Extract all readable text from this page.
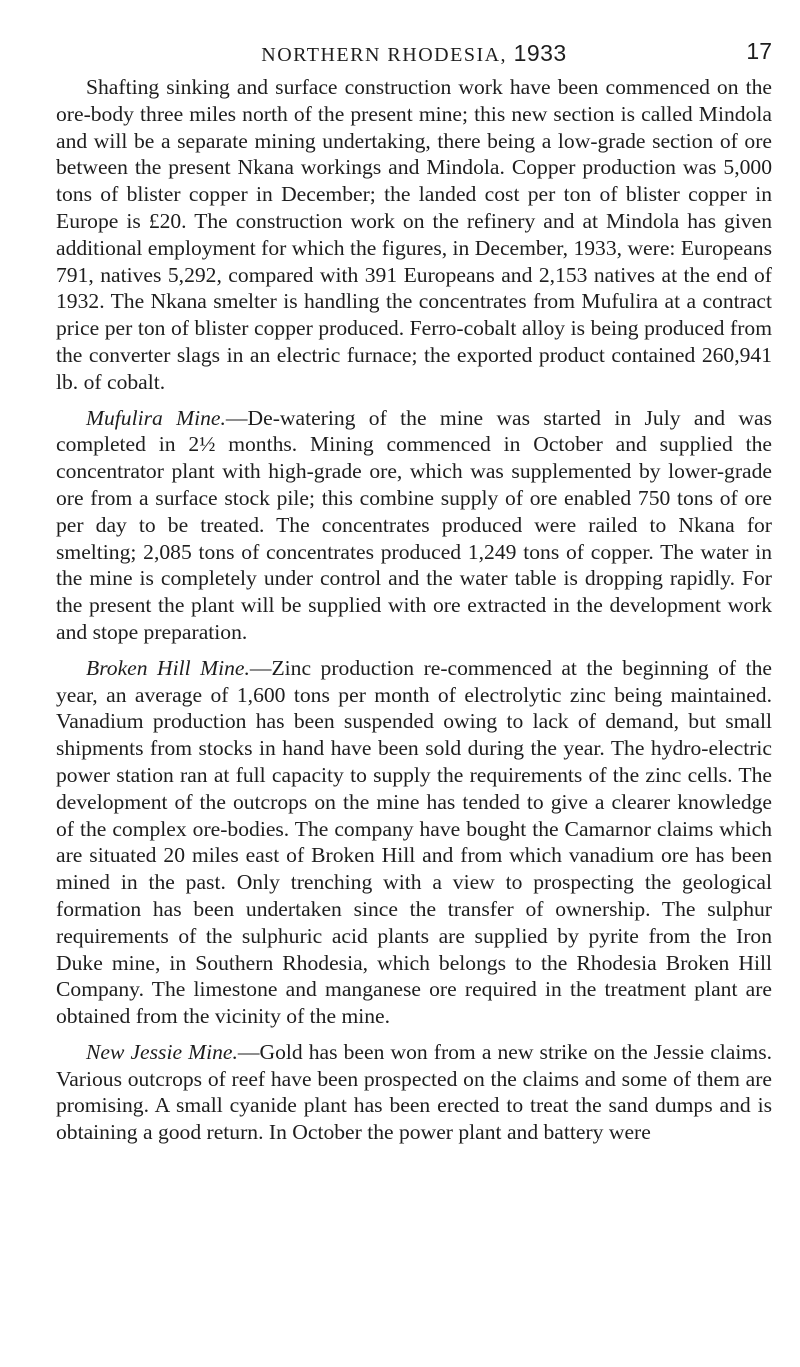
NORTHERN RHODESIA, 1933	17

Shafting sinking and surface construction work have been commenced on the ore-body three miles north of the present mine; this new section is called Mindola and will be a separate mining undertaking, there being a low-grade section of ore between the present Nkana workings and Mindola. Copper production was 5,000 tons of blister copper in December; the landed cost per ton of blister copper in Europe is £20. The construction work on the refinery and at Mindola has given additional employment for which the figures, in December, 1933, were: Europeans 791, natives 5,292, compared with 391 Europeans and 2,153 natives at the end of 1932. The Nkana smelter is handling the concentrates from Mufulira at a contract price per ton of blister copper produced. Ferro-cobalt alloy is being produced from the converter slags in an electric furnace; the exported product contained 260,941 lb. of cobalt.

Mufulira Mine.—De-watering of the mine was started in July and was completed in 2½ months. Mining commenced in October and supplied the concentrator plant with high-grade ore, which was supplemented by lower-grade ore from a surface stock pile; this combine supply of ore enabled 750 tons of ore per day to be treated. The concentrates produced were railed to Nkana for smelting; 2,085 tons of concentrates produced 1,249 tons of copper. The water in the mine is completely under control and the water table is dropping rapidly. For the present the plant will be supplied with ore extracted in the development work and stope preparation.

Broken Hill Mine.—Zinc production re-commenced at the beginning of the year, an average of 1,600 tons per month of electrolytic zinc being maintained. Vanadium production has been suspended owing to lack of demand, but small shipments from stocks in hand have been sold during the year. The hydro-electric power station ran at full capacity to supply the requirements of the zinc cells. The development of the outcrops on the mine has tended to give a clearer knowledge of the complex ore-bodies. The company have bought the Camarnor claims which are situated 20 miles east of Broken Hill and from which vanadium ore has been mined in the past. Only trenching with a view to prospecting the geological formation has been undertaken since the transfer of ownership. The sulphur requirements of the sulphuric acid plants are supplied by pyrite from the Iron Duke mine, in Southern Rhodesia, which belongs to the Rhodesia Broken Hill Company. The limestone and manganese ore required in the treatment plant are obtained from the vicinity of the mine.

New Jessie Mine.—Gold has been won from a new strike on the Jessie claims. Various outcrops of reef have been prospected on the claims and some of them are promising. A small cyanide plant has been erected to treat the sand dumps and is obtaining a good return. In October the power plant and battery were
